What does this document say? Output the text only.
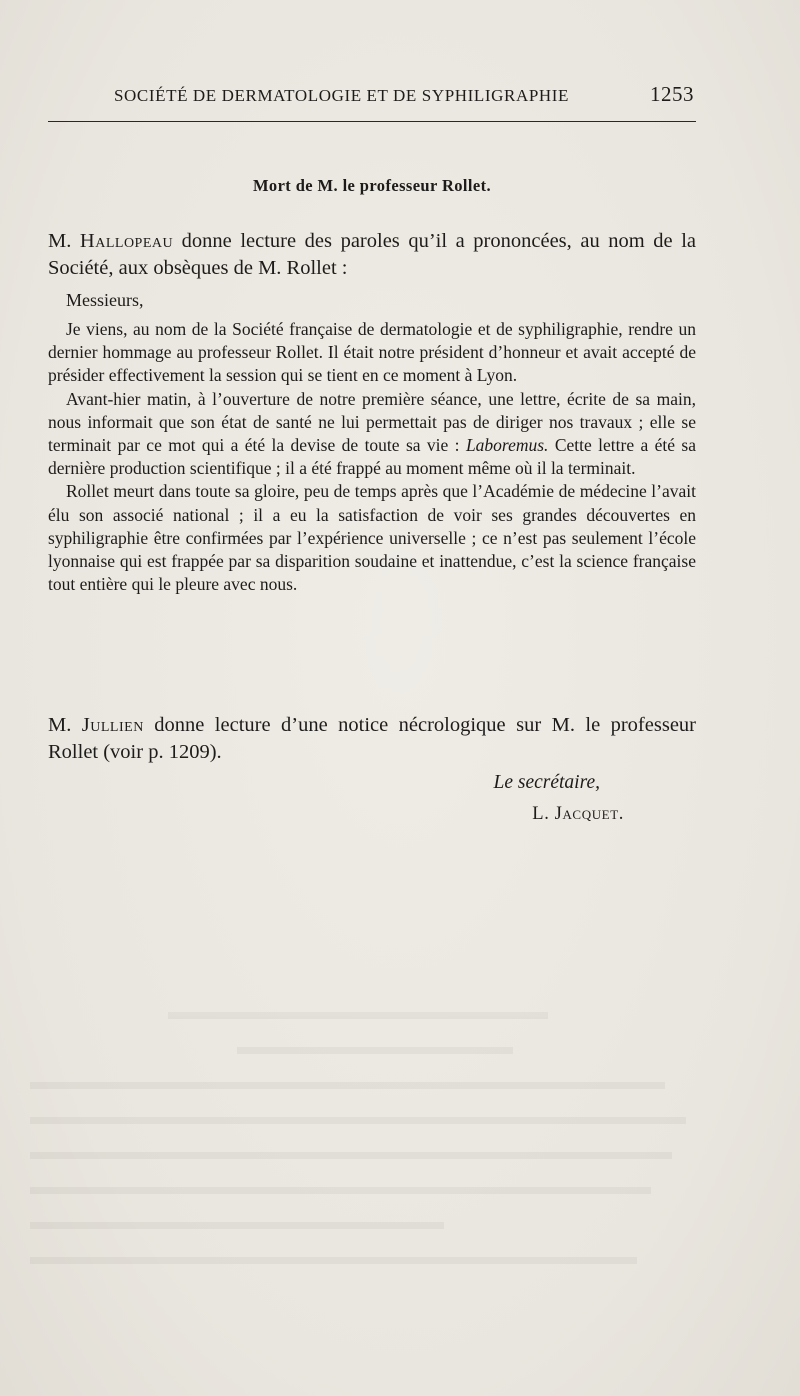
SOCIÉTÉ DE DERMATOLOGIE ET DE SYPHILIGRAPHIE	1253
Mort de M. le professeur Rollet.
M. Hallopeau donne lecture des paroles qu’il a prononcées, au nom de la Société, aux obsèques de M. Rollet :
Messieurs,

Je viens, au nom de la Société française de dermatologie et de syphiligraphie, rendre un dernier hommage au professeur Rollet. Il était notre président d’honneur et avait accepté de présider effectivement la session qui se tient en ce moment à Lyon.

Avant-hier matin, à l’ouverture de notre première séance, une lettre, écrite de sa main, nous informait que son état de santé ne lui permettait pas de diriger nos travaux ; elle se terminait par ce mot qui a été la devise de toute sa vie : Laboremus. Cette lettre a été sa dernière production scientifique ; il a été frappé au moment même où il la terminait.

Rollet meurt dans toute sa gloire, peu de temps après que l’Académie de médecine l’avait élu son associé national ; il a eu la satisfaction de voir ses grandes découvertes en syphiligraphie être confirmées par l’expérience universelle ; ce n’est pas seulement l’école lyonnaise qui est frappée par sa disparition soudaine et inattendue, c’est la science française tout entière qui le pleure avec nous.

M. Jullien donne lecture d’une notice nécrologique sur M. le professeur Rollet (voir p. 1209).
Le secrétaire,
L. Jacquet.
